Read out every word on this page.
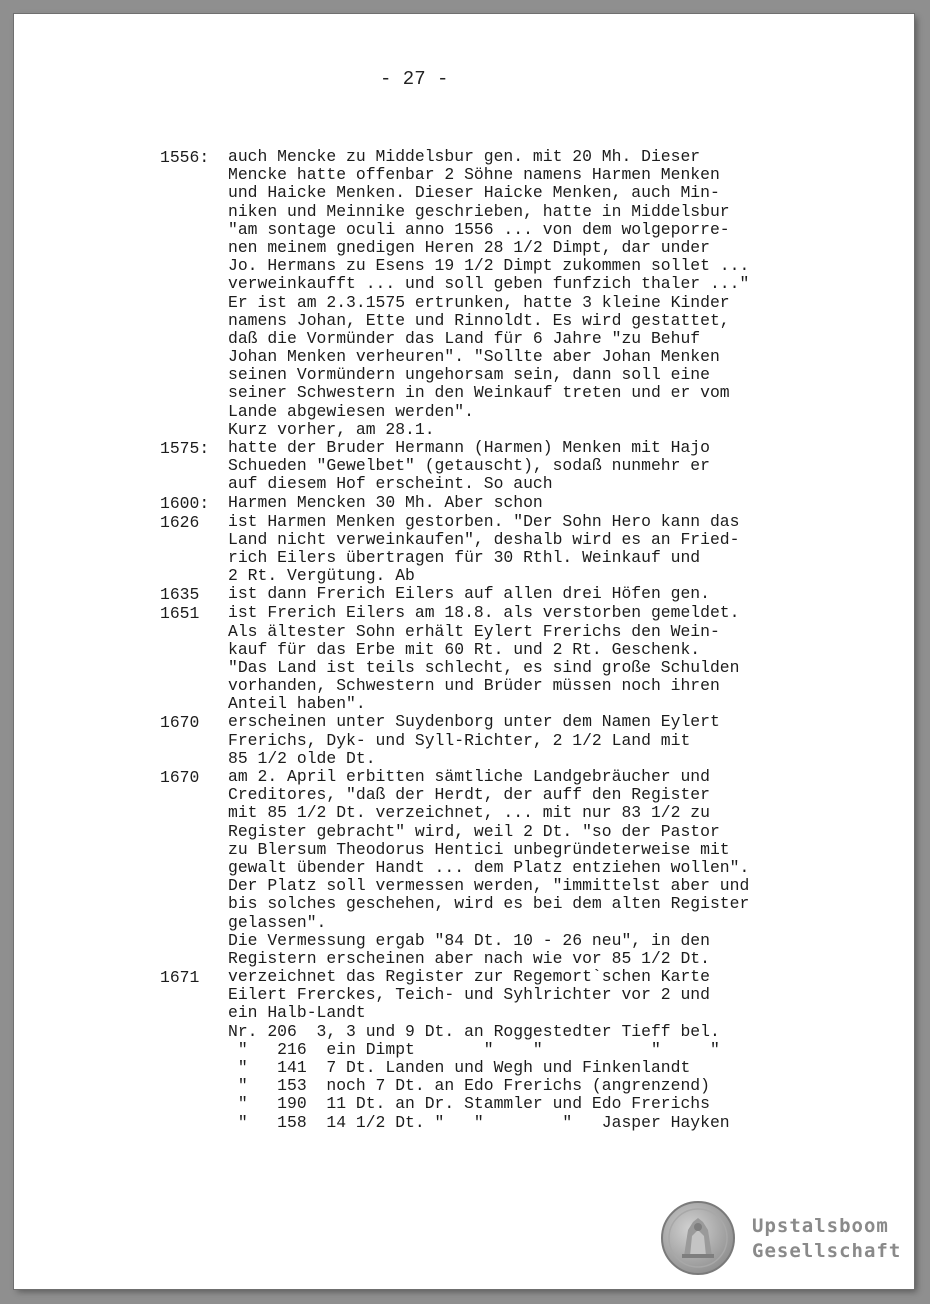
- 27 -
1556:	auch Mencke zu Middelsbur gen. mit 20 Mh. Dieser
Mencke hatte offenbar 2 Söhne namens Harmen Menken
und Haicke Menken. Dieser Haicke Menken, auch Min-
niken und Meinnike geschrieben, hatte in Middelsbur
"am sontage oculi anno 1556 ... von dem wolgeporre-
nen meinem gnedigen Heren 28 1/2 Dimpt, dar under
Jo. Hermans zu Esens 19 1/2 Dimpt zukommen sollet ...
verweinkaufft ... und soll geben funfzich thaler ..."
Er ist am 2.3.1575 ertrunken, hatte 3 kleine Kinder
namens Johan, Ette und Rinnoldt. Es wird gestattet,
daß die Vormünder das Land für 6 Jahre "zu Behuf
Johan Menken verheuren". "Sollte aber Johan Menken
seinen Vormündern ungehorsam sein, dann soll eine
seiner Schwestern in den Weinkauf treten und er vom
Lande abgewiesen werden".
Kurz vorher, am 28.1.
1575:	hatte der Bruder Hermann (Harmen) Menken mit Hajo
Schueden "Gewelbet" (getauscht), sodaß nunmehr er
auf diesem Hof erscheint. So auch
1600:	Harmen Mencken 30 Mh. Aber schon
1626	ist Harmen Menken gestorben. "Der Sohn Hero kann das
Land nicht verweinkaufen", deshalb wird es an Fried-
rich Eilers übertragen für 30 Rthl. Weinkauf und
2 Rt. Vergütung. Ab
1635	ist dann Frerich Eilers auf allen drei Höfen gen.
1651	ist Frerich Eilers am 18.8. als verstorben gemeldet.
Als ältester Sohn erhält Eylert Frerichs den Wein-
kauf für das Erbe mit 60 Rt. und 2 Rt. Geschenk.
"Das Land ist teils schlecht, es sind große Schulden
vorhanden, Schwestern und Brüder müssen noch ihren
Anteil haben".
1670	erscheinen unter Suydenborg unter dem Namen Eylert
Frerichs, Dyk- und Syll-Richter, 2 1/2 Land mit
85 1/2 olde Dt.
1670	am 2. April erbitten sämtliche Landgebräucher und
Creditores, "daß der Herdt, der auff den Register
mit 85 1/2 Dt. verzeichnet, ... mit nur 83 1/2 zu
Register gebracht" wird, weil 2 Dt. "so der Pastor
zu Blersum Theodorus Hentici unbegründeterweise mit
gewalt übender Handt ... dem Platz entziehen wollen".
Der Platz soll vermessen werden, "immittelst aber und
bis solches geschehen, wird es bei dem alten Register
gelassen".
Die Vermessung ergab "84 Dt. 10 - 26 neu", in den
Registern erscheinen aber nach wie vor 85 1/2 Dt.
1671	verzeichnet das Register zur Regemort`schen Karte
Eilert Frerckes, Teich- und Syhlrichter vor 2 und
ein Halb-Landt
Nr. 206  3, 3 und 9 Dt. an Roggestedter Tieff bel.
"   216  ein Dimpt       "    "           "     "
"   141  7 Dt. Landen und Wegh und Finkenlandt
"   153  noch 7 Dt. an Edo Frerichs (angrenzend)
"   190  11 Dt. an Dr. Stammler und Edo Frerichs
"   158  14 1/2 Dt. "   "        "   Jasper Hayken
Upstalsboom
Gesellschaft
